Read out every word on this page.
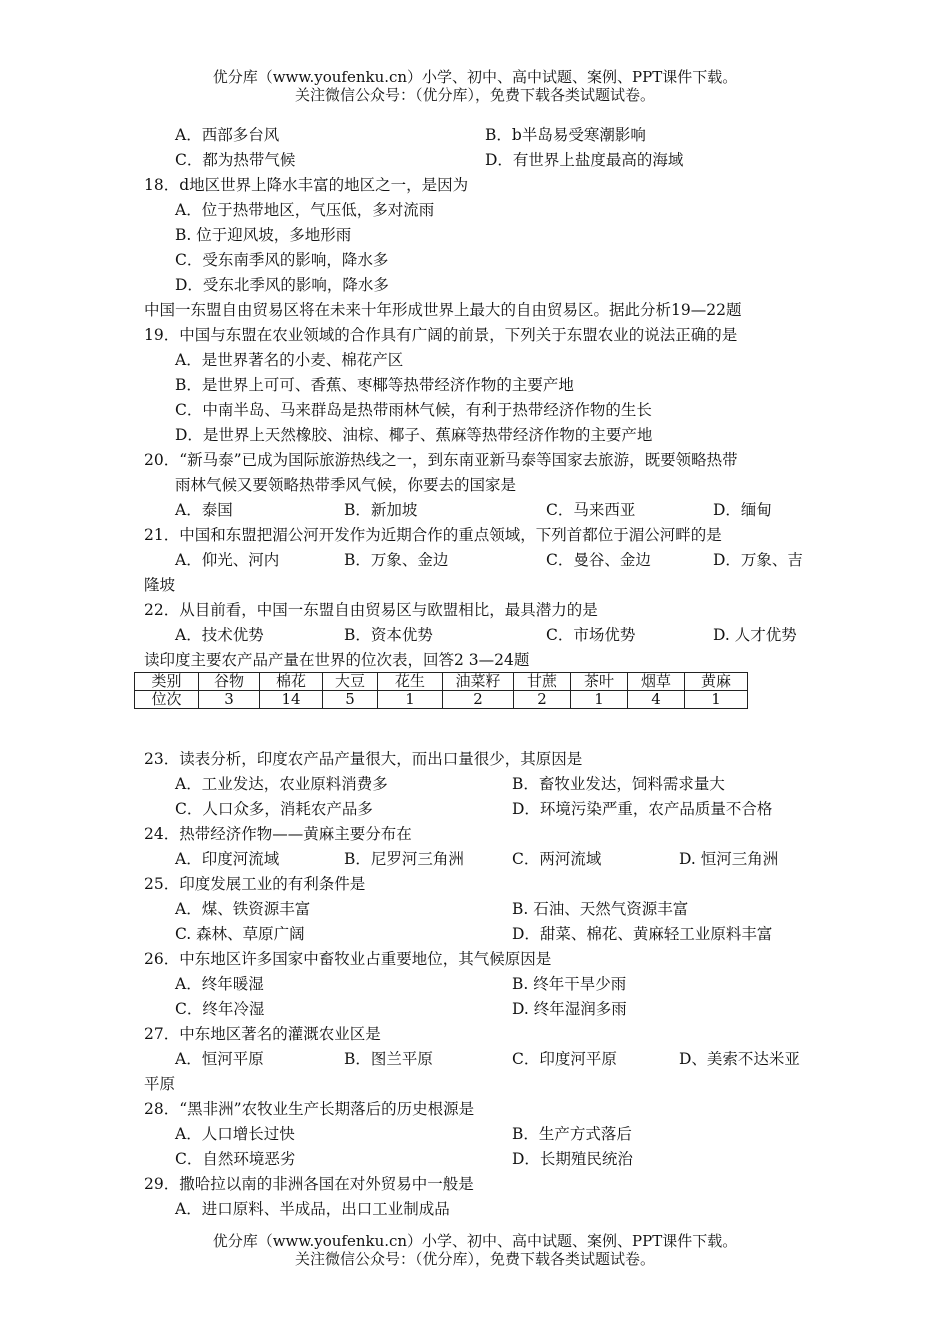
优分库（www.youfenku.cn）小学、初中、高中试题、案例、PPT课件下载。
关注微信公众号：（优分库），免费下载各类试题试卷。
A．西部多台风	B．b半岛易受寒潮影响
C．都为热带气候	D．有世界上盐度最高的海域
18．d地区世界上降水丰富的地区之一，是因为
A．位于热带地区，气压低，多对流雨
B. 位于迎风坡，多地形雨
C．受东南季风的影响，降水多
D．受东北季风的影响，降水多
中国一东盟自由贸易区将在未来十年形成世界上最大的自由贸易区。据此分析19—22题
19．中国与东盟在农业领域的合作具有广阔的前景，下列关于东盟农业的说法正确的是
A．是世界著名的小麦、棉花产区
B．是世界上可可、香蕉、枣椰等热带经济作物的主要产地
C．中南半岛、马来群岛是热带雨林气候，有利于热带经济作物的生长
D．是世界上天然橡胶、油棕、椰子、蕉麻等热带经济作物的主要产地
20．“新马泰”已成为国际旅游热线之一，到东南亚新马泰等国家去旅游，既要领略热带
雨林气候又要领略热带季风气候，你要去的国家是
A．泰国	B．新加坡	C．马来西亚	D．缅甸
21．中国和东盟把湄公河开发作为近期合作的重点领域，下列首都位于湄公河畔的是
A．仰光、河内	B．万象、金边	C．曼谷、金边	D．万象、吉
隆坡
22．从目前看，中国一东盟自由贸易区与欧盟相比，最具潜力的是
A．技术优势	B．资本优势	C．市场优势	D. 人才优势
读印度主要农产品产量在世界的位次表，回答2 3—24题
类别	谷物	棉花	大豆	花生	油菜籽	甘蔗	茶叶	烟草	黄麻
位次	3	14	5	1	2	2	1	4	1
23．读表分析，印度农产品产量很大，而出口量很少，其原因是
A．工业发达，农业原料消费多	B．畜牧业发达，饲料需求量大
C．人口众多，消耗农产品多	D．环境污染严重，农产品质量不合格
24．热带经济作物——黄麻主要分布在
A．印度河流域	B．尼罗河三角洲	C．两河流域	D. 恒河三角洲
25．印度发展工业的有利条件是
A．煤、铁资源丰富	B. 石油、天然气资源丰富
C. 森林、草原广阔	D．甜菜、棉花、黄麻轻工业原料丰富
26．中东地区许多国家中畜牧业占重要地位，其气候原因是
A．终年暖湿	B. 终年干旱少雨
C．终年冷湿	D. 终年湿润多雨
27．中东地区著名的灌溉农业区是
A．恒河平原	B．图兰平原	C．印度河平原	D、美索不达米亚
平原
28．“黑非洲”农牧业生产长期落后的历史根源是
A．人口增长过快	B．生产方式落后
C．自然环境恶劣	D．长期殖民统治
29．撒哈拉以南的非洲各国在对外贸易中一般是
A．进口原料、半成品，出口工业制成品
优分库（www.youfenku.cn）小学、初中、高中试题、案例、PPT课件下载。
关注微信公众号：（优分库），免费下载各类试题试卷。
